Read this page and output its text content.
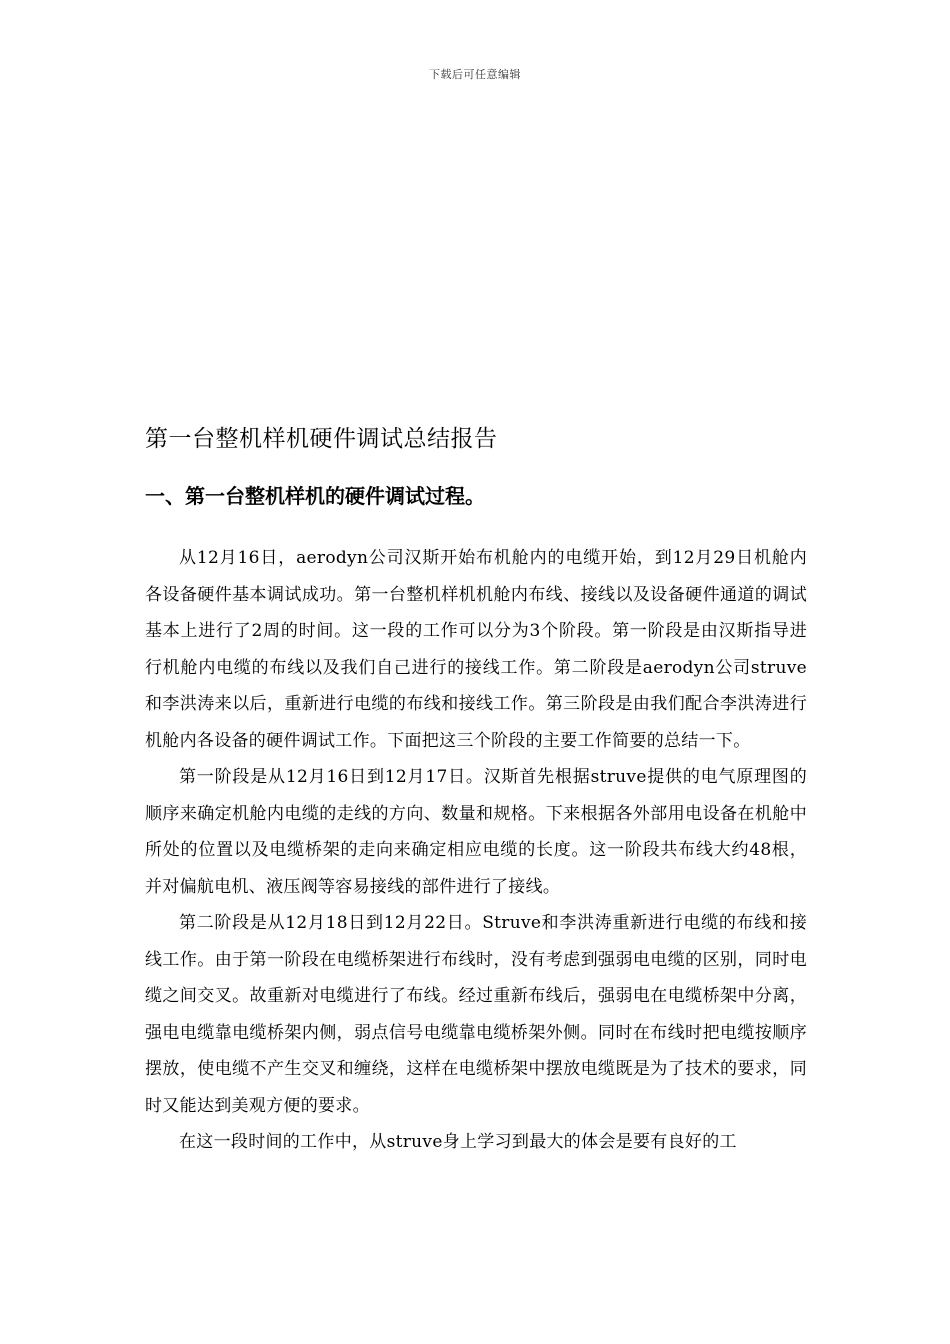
下载后可任意编辑
第一台整机样机硬件调试总结报告
一、第一台整机样机的硬件调试过程。

从12月16日，aerodyn公司汉斯开始布机舱内的电缆开始，到12月29日机舱内各设备硬件基本调试成功。第一台整机样机机舱内布线、接线以及设备硬件通道的调试基本上进行了2周的时间。这一段的工作可以分为3个阶段。第一阶段是由汉斯指导进行机舱内电缆的布线以及我们自己进行的接线工作。第二阶段是aerodyn公司struve和李洪涛来以后，重新进行电缆的布线和接线工作。第三阶段是由我们配合李洪涛进行机舱内各设备的硬件调试工作。下面把这三个阶段的主要工作简要的总结一下。

第一阶段是从12月16日到12月17日。汉斯首先根据struve提供的电气原理图的顺序来确定机舱内电缆的走线的方向、数量和规格。下来根据各外部用电设备在机舱中所处的位置以及电缆桥架的走向来确定相应电缆的长度。这一阶段共布线大约48根，并对偏航电机、液压阀等容易接线的部件进行了接线。

第二阶段是从12月18日到12月22日。Struve和李洪涛重新进行电缆的布线和接线工作。由于第一阶段在电缆桥架进行布线时，没有考虑到强弱电电缆的区别，同时电缆之间交叉。故重新对电缆进行了布线。经过重新布线后，强弱电在电缆桥架中分离，强电电缆靠电缆桥架内侧，弱点信号电缆靠电缆桥架外侧。同时在布线时把电缆按顺序摆放，使电缆不产生交叉和缠绕，这样在电缆桥架中摆放电缆既是为了技术的要求，同时又能达到美观方便的要求。

在这一段时间的工作中，从struve身上学习到最大的体会是要有良好的工
